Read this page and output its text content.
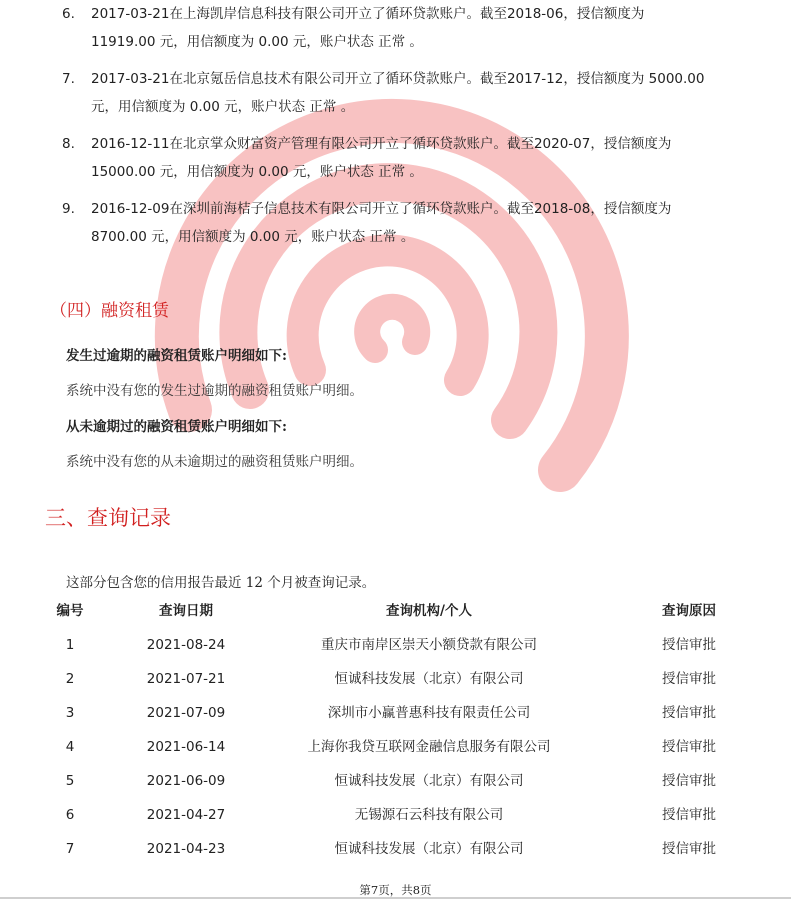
6. 2017-03-21在上海凯岸信息科技有限公司开立了循环贷款账户。截至2018-06，授信额度为
11919.00 元，用信额度为 0.00 元，账户状态 正常 。
7. 2017-03-21在北京氪岳信息技术有限公司开立了循环贷款账户。截至2017-12，授信额度为 5000.00
元，用信额度为 0.00 元，账户状态 正常 。
8. 2016-12-11在北京掌众财富资产管理有限公司开立了循环贷款账户。截至2020-07，授信额度为
15000.00 元，用信额度为 0.00 元，账户状态 正常 。
9. 2016-12-09在深圳前海桔子信息技术有限公司开立了循环贷款账户。截至2018-08，授信额度为
8700.00 元，用信额度为 0.00 元，账户状态 正常 。
（四）融资租赁
发生过逾期的融资租赁账户明细如下:
系统中没有您的发生过逾期的融资租赁账户明细。
从未逾期过的融资租赁账户明细如下:
系统中没有您的从未逾期过的融资租赁账户明细。
三、查询记录
这部分包含您的信用报告最近 12 个月被查询记录。
编号	查询日期	查询机构/个人	查询原因
1	2021-08-24	重庆市南岸区崇天小额贷款有限公司	授信审批
2	2021-07-21	恒诚科技发展（北京）有限公司	授信审批
3	2021-07-09	深圳市小赢普惠科技有限责任公司	授信审批
4	2021-06-14	上海你我贷互联网金融信息服务有限公司	授信审批
5	2021-06-09	恒诚科技发展（北京）有限公司	授信审批
6	2021-04-27	无锡源石云科技有限公司	授信审批
7	2021-04-23	恒诚科技发展（北京）有限公司	授信审批
第7页，共8页
